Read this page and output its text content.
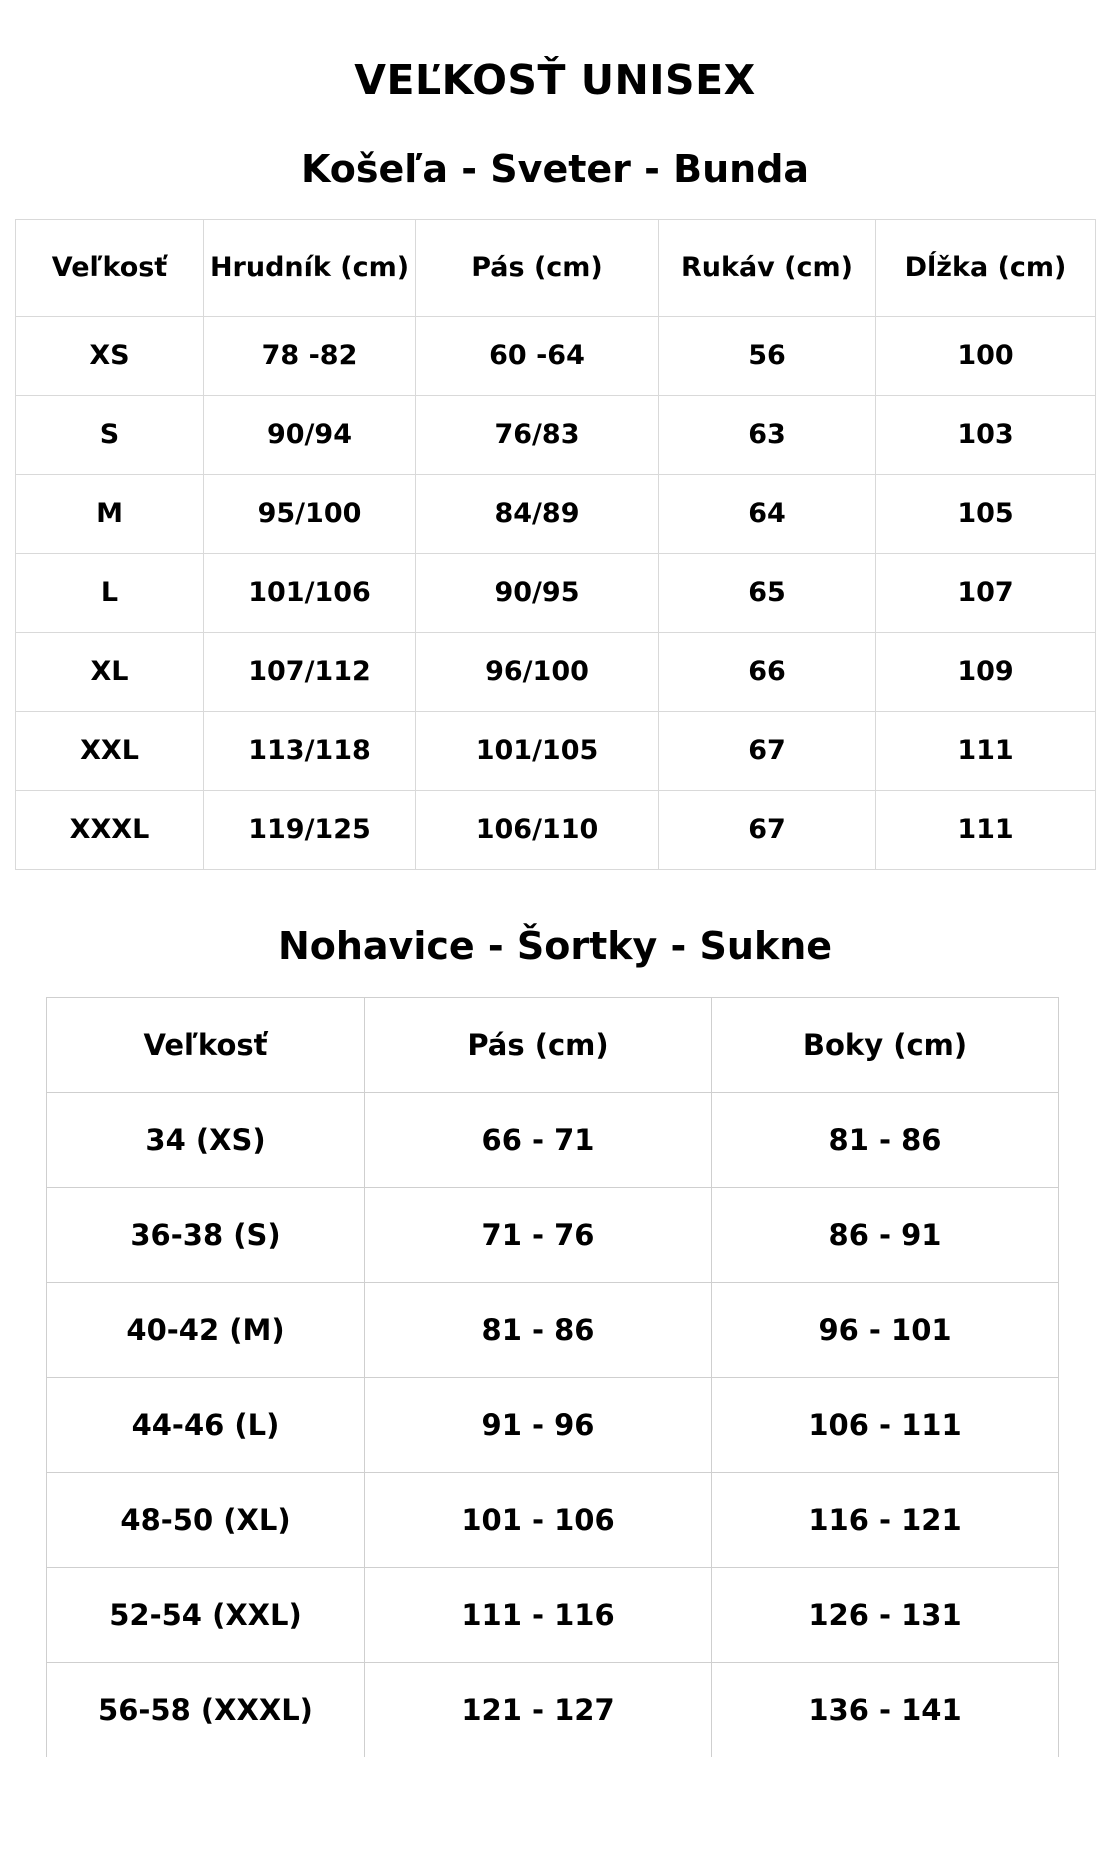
VEĽKOSŤ UNISEX
Košeľa - Sveter - Bunda
Veľkosť	Hrudník (cm)	Pás (cm)	Rukáv (cm)	Dĺžka (cm)
XS	78 -82	60 -64	56	100
S	90/94	76/83	63	103
M	95/100	84/89	64	105
L	101/106	90/95	65	107
XL	107/112	96/100	66	109
XXL	113/118	101/105	67	111
XXXL	119/125	106/110	67	111
Nohavice - Šortky - Sukne
Veľkosť	Pás (cm)	Boky (cm)
34 (XS)	66 - 71	81 - 86
36-38 (S)	71 - 76	86 - 91
40-42 (M)	81 - 86	96 - 101
44-46 (L)	91 - 96	106 - 111
48-50 (XL)	101 - 106	116 - 121
52-54 (XXL)	111 - 116	126 - 131
56-58 (XXXL)	121 - 127	136 - 141
